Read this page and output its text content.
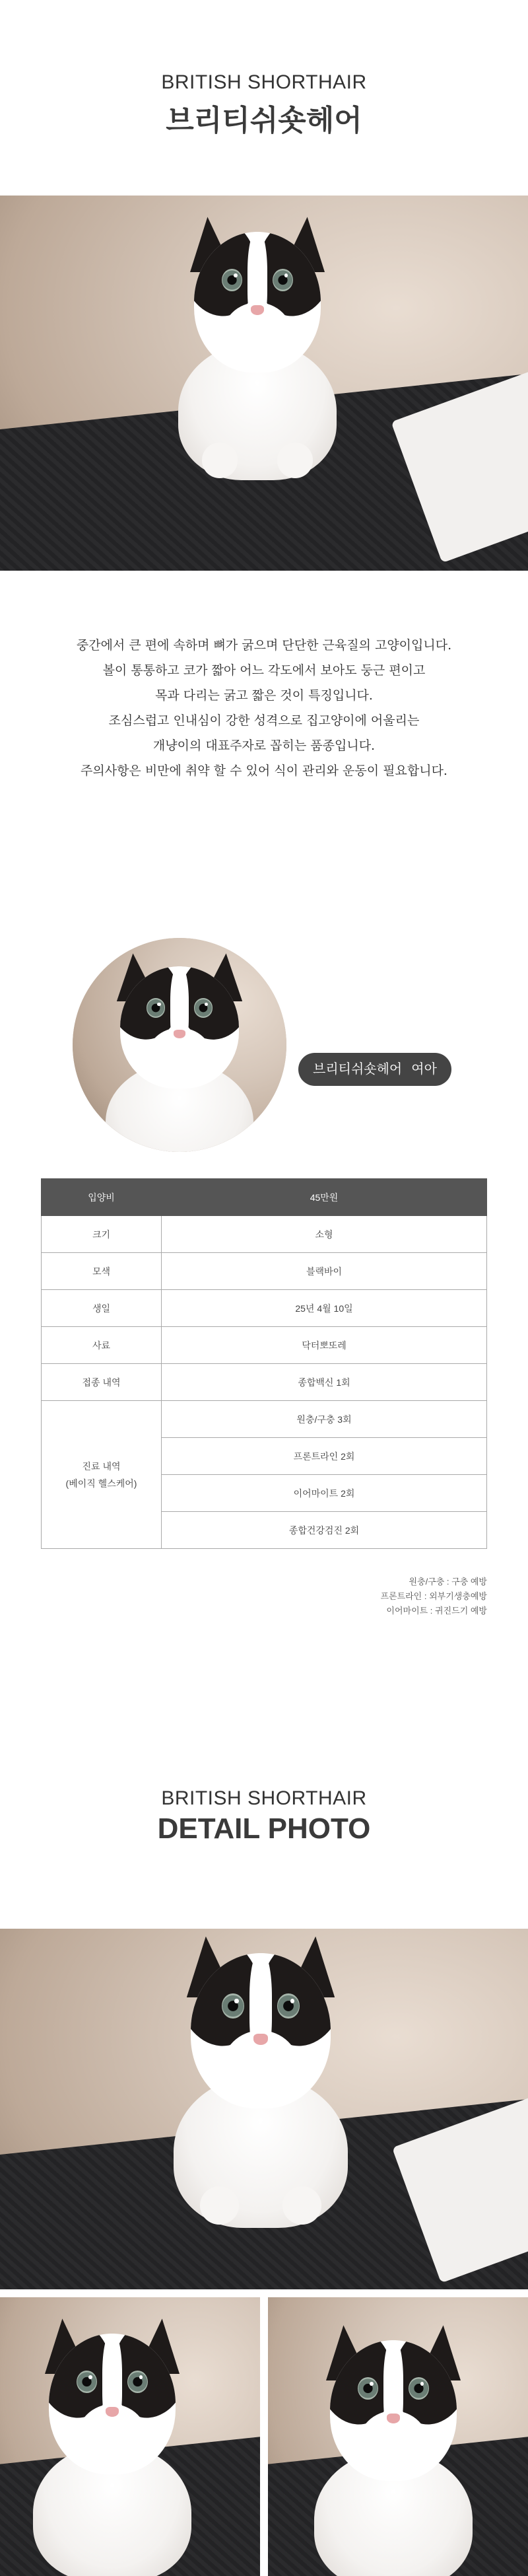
BRITISH SHORTHAIR
브리티쉬숏헤어
중간에서 큰 편에 속하며 뼈가 굵으며 단단한 근육질의 고양이입니다.
볼이 통통하고 코가 짧아 어느 각도에서 보아도 둥근 편이고
목과 다리는 굵고 짧은 것이 특징입니다.
조심스럽고 인내심이 강한 성격으로 집고양이에 어울리는
개냥이의 대표주자로 꼽히는 품종입니다.
주의사항은 비만에 취약 할 수 있어 식이 관리와 운동이 필요합니다.
브리티쉬숏헤어 여아
입양비	45만원
크기	소형
모색	블랙바이
생일	25년 4월 10일
사료	닥터뽀또레
접종 내역	종합백신 1회

진료 내역
(베이직 헬스케어)	원충/구충 3회
	프론트라인 2회
	이어마이트 2회
	종합건강검진 2회
원충/구충 : 구충 예방
프론트라인 : 외부기생충예방
이어마이트 : 귀진드기 예방
BRITISH SHORTHAIR
DETAIL PHOTO
